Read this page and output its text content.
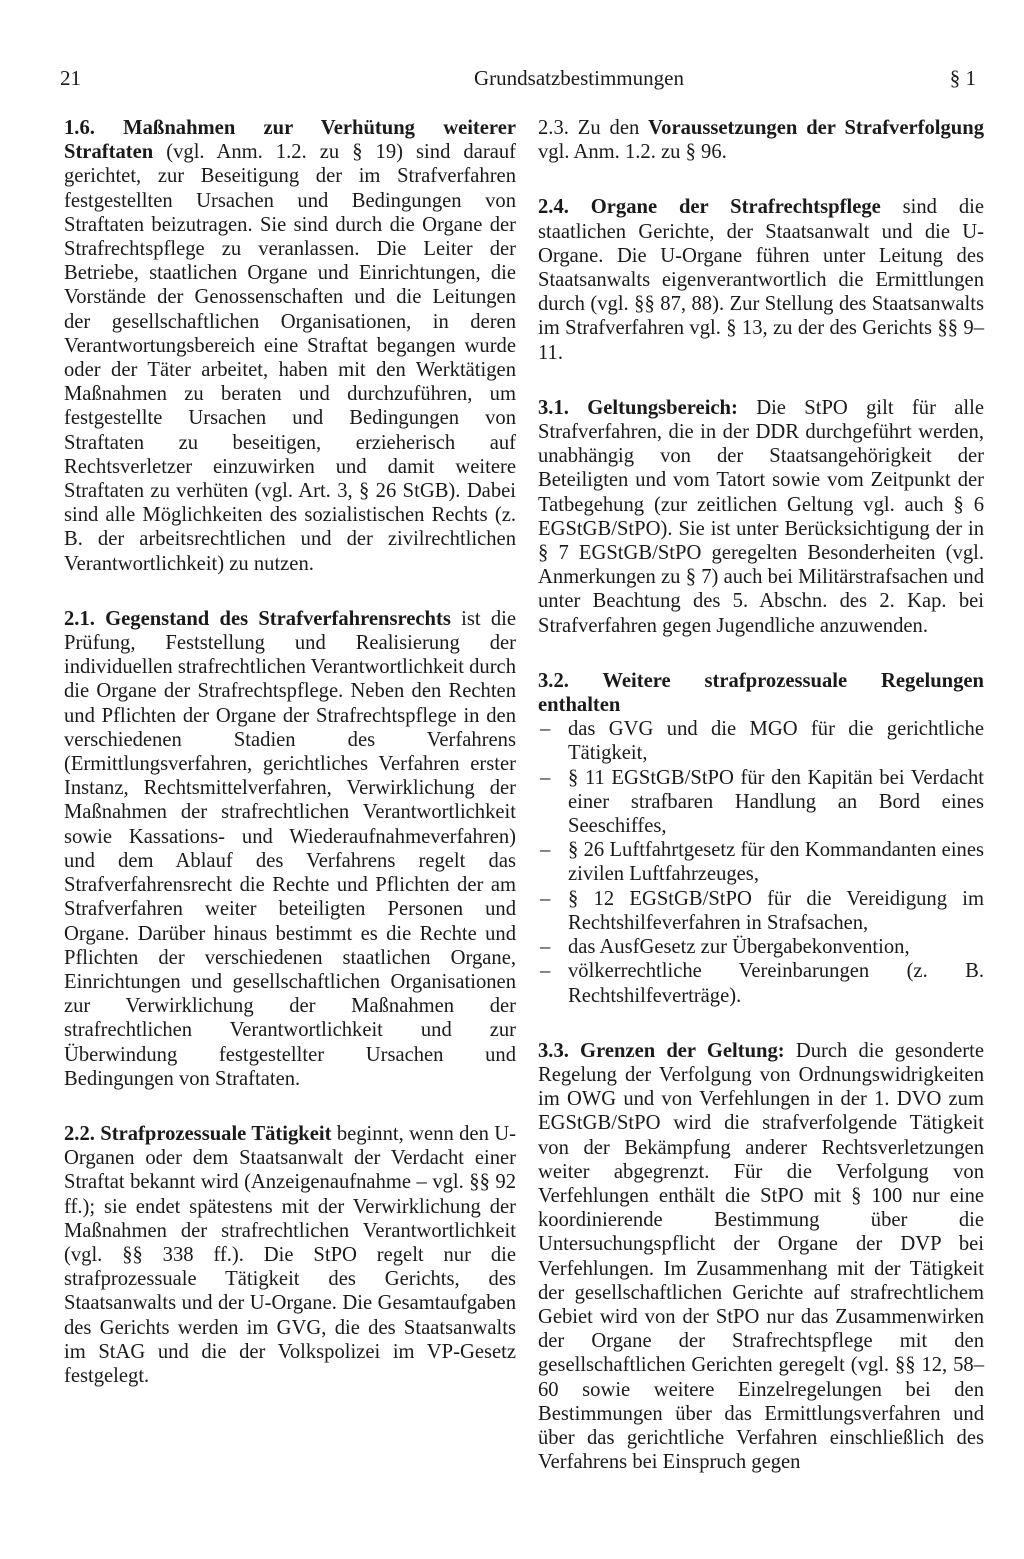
21	Grundsatzbestimmungen	§ 1

1.6. Maßnahmen zur Verhütung weiterer Straftaten (vgl. Anm. 1.2. zu § 19) sind darauf gerichtet, zur Beseitigung der im Strafverfahren festgestellten Ursachen und Bedingungen von Straftaten beizutragen. Sie sind durch die Organe der Strafrechtspflege zu veranlassen. Die Leiter der Betriebe, staatlichen Organe und Einrichtungen, die Vorstände der Genossenschaften und die Leitungen der gesellschaftlichen Organisationen, in deren Verantwortungsbereich eine Straftat begangen wurde oder der Täter arbeitet, haben mit den Werktätigen Maßnahmen zu beraten und durchzuführen, um festgestellte Ursachen und Bedingungen von Straftaten zu beseitigen, erzieherisch auf Rechtsverletzer einzuwirken und damit weitere Straftaten zu verhüten (vgl. Art. 3, § 26 StGB). Dabei sind alle Möglichkeiten des sozialistischen Rechts (z. B. der arbeitsrechtlichen und der zivilrechtlichen Verantwortlichkeit) zu nutzen.

2.1. Gegenstand des Strafverfahrensrechts ist die Prüfung, Feststellung und Realisierung der individuellen strafrechtlichen Verantwortlichkeit durch die Organe der Strafrechtspflege. Neben den Rechten und Pflichten der Organe der Strafrechtspflege in den verschiedenen Stadien des Verfahrens (Ermittlungsverfahren, gerichtliches Verfahren erster Instanz, Rechtsmittelverfahren, Verwirklichung der Maßnahmen der strafrechtlichen Verantwortlichkeit sowie Kassations- und Wiederaufnahmeverfahren) und dem Ablauf des Verfahrens regelt das Strafverfahrensrecht die Rechte und Pflichten der am Strafverfahren weiter beteiligten Personen und Organe. Darüber hinaus bestimmt es die Rechte und Pflichten der verschiedenen staatlichen Organe, Einrichtungen und gesellschaftlichen Organisationen zur Verwirklichung der Maßnahmen der strafrechtlichen Verantwortlichkeit und zur Überwindung festgestellter Ursachen und Bedingungen von Straftaten.

2.2. Strafprozessuale Tätigkeit beginnt, wenn den U-Organen oder dem Staatsanwalt der Verdacht einer Straftat bekannt wird (Anzeigenaufnahme – vgl. §§ 92 ff.); sie endet spätestens mit der Verwirklichung der Maßnahmen der strafrechtlichen Verantwortlichkeit (vgl. §§ 338 ff.). Die StPO regelt nur die strafprozessuale Tätigkeit des Gerichts, des Staatsanwalts und der U-Organe. Die Gesamtaufgaben des Gerichts werden im GVG, die des Staatsanwalts im StAG und die der Volkspolizei im VP-Gesetz festgelegt.

2.3. Zu den Voraussetzungen der Strafverfolgung vgl. Anm. 1.2. zu § 96.

2.4. Organe der Strafrechtspflege sind die staatlichen Gerichte, der Staatsanwalt und die U-Organe. Die U-Organe führen unter Leitung des Staatsanwalts eigenverantwortlich die Ermittlungen durch (vgl. §§ 87, 88). Zur Stellung des Staatsanwalts im Strafverfahren vgl. § 13, zu der des Gerichts §§ 9–11.

3.1. Geltungsbereich: Die StPO gilt für alle Strafverfahren, die in der DDR durchgeführt werden, unabhängig von der Staatsangehörigkeit der Beteiligten und vom Tatort sowie vom Zeitpunkt der Tatbegehung (zur zeitlichen Geltung vgl. auch § 6 EGStGB/StPO). Sie ist unter Berücksichtigung der in § 7 EGStGB/StPO geregelten Besonderheiten (vgl. Anmerkungen zu § 7) auch bei Militärstrafsachen und unter Beachtung des 5. Abschn. des 2. Kap. bei Strafverfahren gegen Jugendliche anzuwenden.

3.2. Weitere strafprozessuale Regelungen enthalten

– das GVG und die MGO für die gerichtliche Tätigkeit,
– § 11 EGStGB/StPO für den Kapitän bei Verdacht einer strafbaren Handlung an Bord eines Seeschiffes,
– § 26 Luftfahrtgesetz für den Kommandanten eines zivilen Luftfahrzeuges,
– § 12 EGStGB/StPO für die Vereidigung im Rechtshilfeverfahren in Strafsachen,
– das AusfGesetz zur Übergabekonvention,
– völkerrechtliche Vereinbarungen (z. B. Rechtshilfeverträge).

3.3. Grenzen der Geltung: Durch die gesonderte Regelung der Verfolgung von Ordnungswidrigkeiten im OWG und von Verfehlungen in der 1. DVO zum EGStGB/StPO wird die strafverfolgende Tätigkeit von der Bekämpfung anderer Rechtsverletzungen weiter abgegrenzt. Für die Verfolgung von Verfehlungen enthält die StPO mit § 100 nur eine koordinierende Bestimmung über die Untersuchungspflicht der Organe der DVP bei Verfehlungen. Im Zusammenhang mit der Tätigkeit der gesellschaftlichen Gerichte auf strafrechtlichem Gebiet wird von der StPO nur das Zusammenwirken der Organe der Strafrechtspflege mit den gesellschaftlichen Gerichten geregelt (vgl. §§ 12, 58–60 sowie weitere Einzelregelungen bei den Bestimmungen über das Ermittlungsverfahren und über das gerichtliche Verfahren einschließlich des Verfahrens bei Einspruch gegen
